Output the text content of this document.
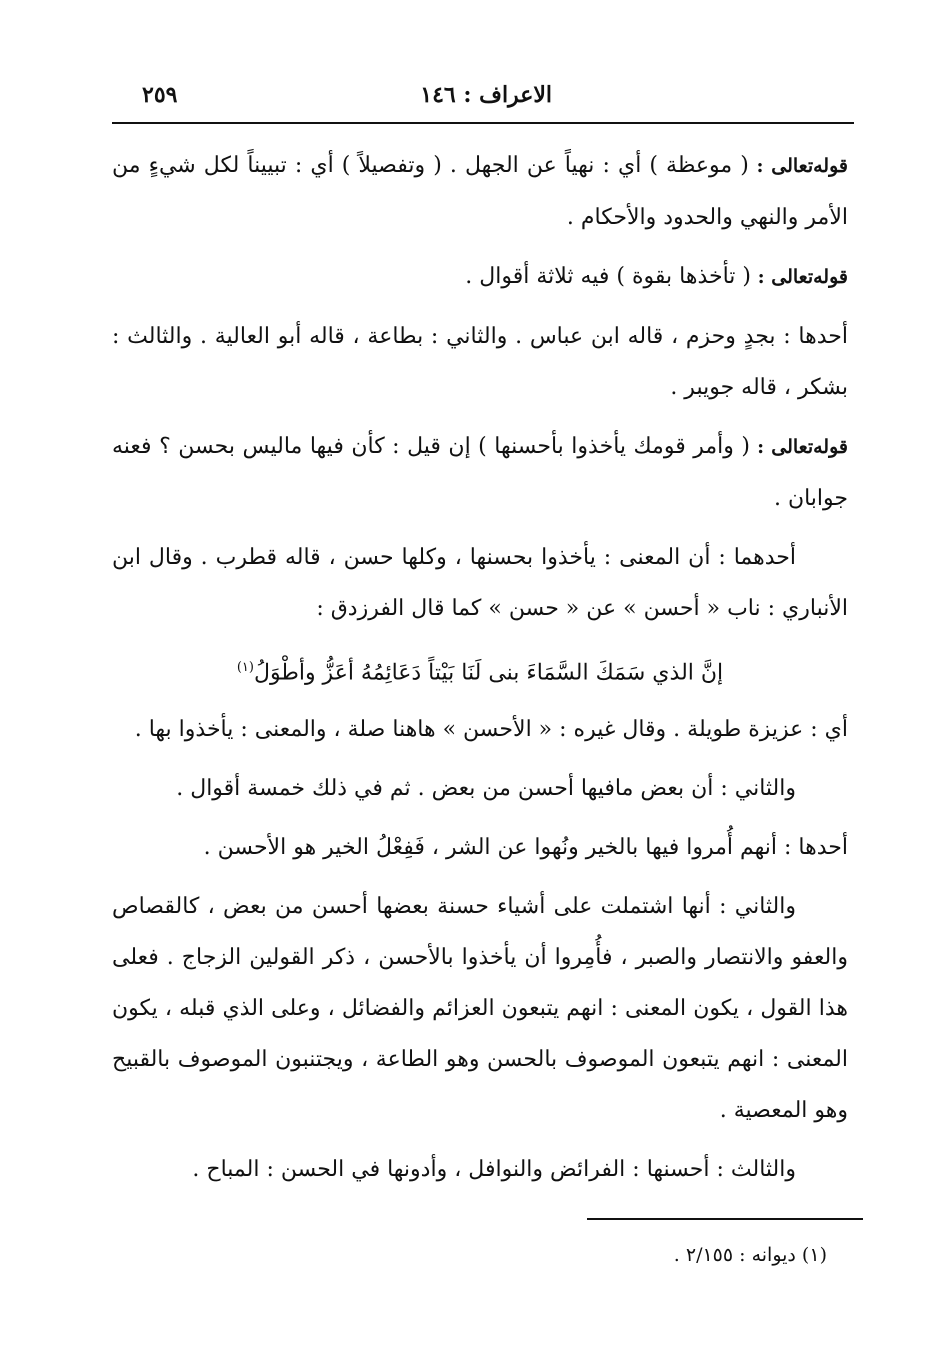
الاعراف : ١٤٦
٢٥٩

قوله‌تعالى : ( موعظة ) أي : نهياً عن الجهل . ( وتفصيلاً ) أي : تبييناً لكل شيءٍ من الأمر والنهي والحدود والأحكام .

قوله‌تعالى : ( تأخذها بقوة ) فيه ثلاثة أقوال .

أحدها : بجدٍ وحزم ، قاله ابن عباس . والثاني : بطاعة ، قاله أبو العالية . والثالث : بشكر ، قاله جويبر .

قوله‌تعالى : ( وأمر قومك يأخذوا بأحسنها ) إن قيل : كأن فيها ماليس بحسن ؟ فعنه جوابان .

أحدهما : أن المعنى : يأخذوا بحسنها ، وكلها حسن ، قاله قطرب . وقال ابن الأنباري : ناب « أحسن » عن « حسن » كما قال الفرزدق :

إنَّ الذي سَمَكَ السَّمَاءَ بنى لَنَا بَيْتاً دَعَائِمُهُ أعَزُّ وأطْوَلُ$^{(١)}$

أي : عزيزة طويلة . وقال غيره : « الأحسن » هاهنا صلة ، والمعنى : يأخذوا بها .

والثاني : أن بعض مافيها أحسن من بعض . ثم في ذلك خمسة أقوال .

أحدها : أنهم أُمروا فيها بالخير ونُهوا عن الشر ، فَفِعْلُ الخير هو الأحسن .

والثاني : أنها اشتملت على أشياء حسنة بعضها أحسن من بعض ، كالقصاص والعفو والانتصار والصبر ، فأُمِروا أن يأخذوا بالأحسن ، ذكر القولين الزجاج . فعلى هذا القول ، يكون المعنى : انهم يتبعون العزائم والفضائل ، وعلى الذي قبله ، يكون المعنى : انهم يتبعون الموصوف بالحسن وهو الطاعة ، ويجتنبون الموصوف بالقبيح وهو المعصية .

والثالث : أحسنها : الفرائض والنوافل ، وأدونها في الحسن : المباح .

(١) ديوانه : ٢/١٥٥ .
